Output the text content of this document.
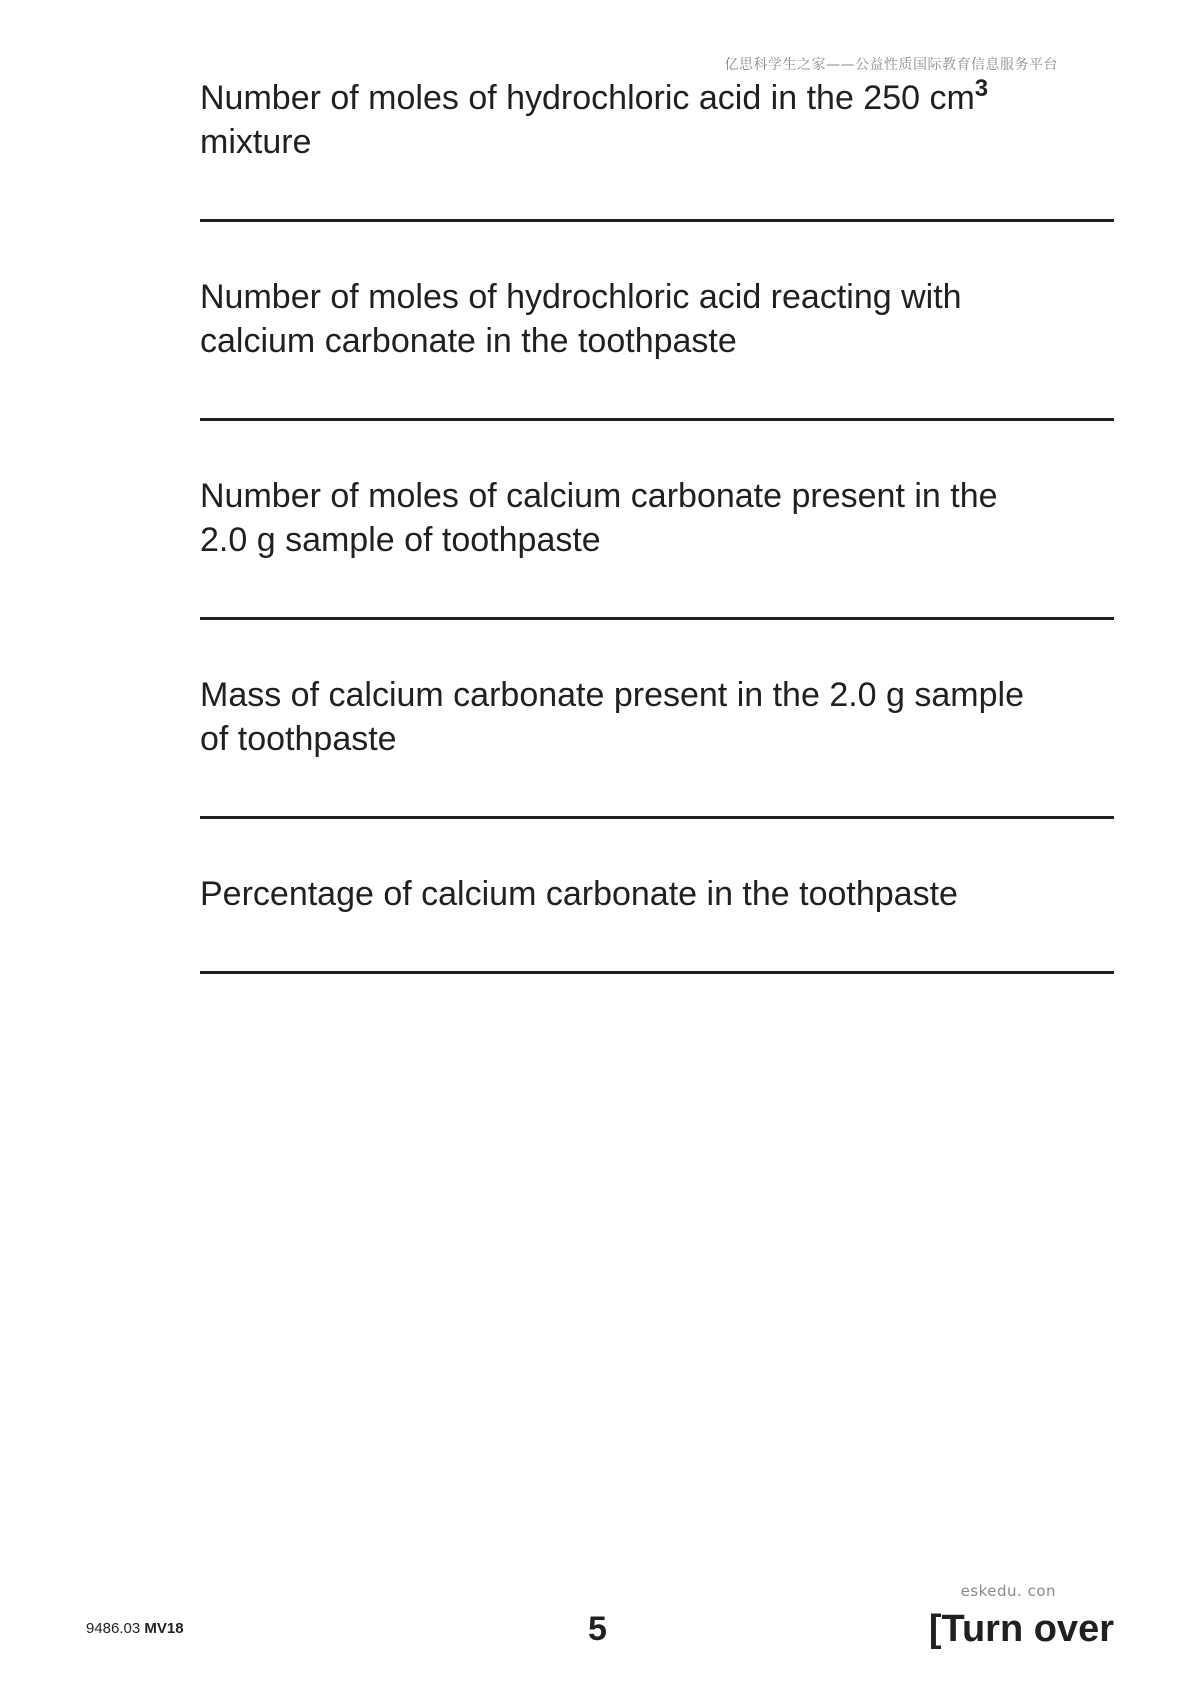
亿思科学生之家——公益性质国际教育信息服务平台

Number of moles of hydrochloric acid in the 250 $cm^3$
mixture

Number of moles of hydrochloric acid reacting with
calcium carbonate in the toothpaste

Number of moles of calcium carbonate present in the
2.0 g sample of toothpaste

Mass of calcium carbonate present in the 2.0 g sample
of toothpaste

Percentage of calcium carbonate in the toothpaste

eskedu. con
9486.03 MV18	5	[Turn over
